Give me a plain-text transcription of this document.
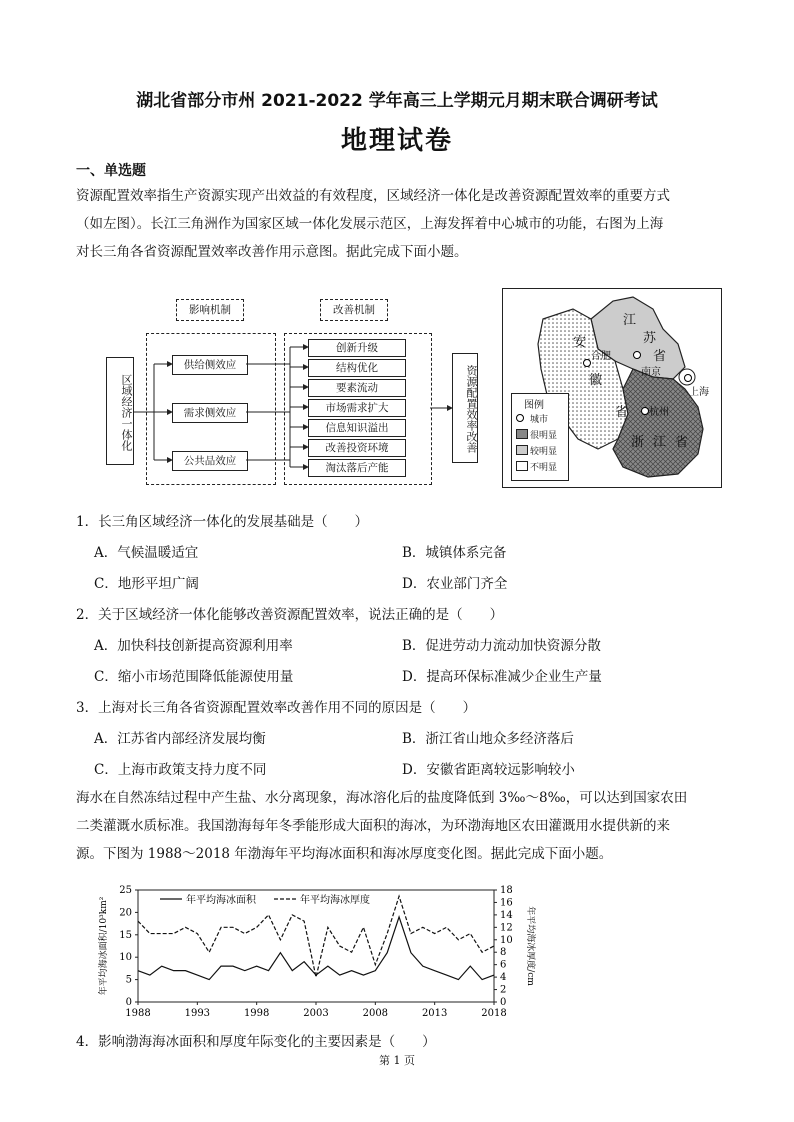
湖北省部分市州 2021-2022 学年高三上学期元月期末联合调研考试
地理试卷
一、单选题
资源配置效率指生产资源实现产出效益的有效程度，区域经济一体化是改善资源配置效率的重要方式
（如左图）。长江三角洲作为国家区域一体化发展示范区，上海发挥着中心城市的功能，右图为上海
对长三角各省资源配置效率改善作用示意图。据此完成下面小题。
影响机制	改善机制
区域经济一体化
供给侧效应
需求侧效应
公共品效应
创新升级
结构优化
要素流动
市场需求扩大
信息知识溢出
改善投资环境
淘汰落后产能
资源配置效率改善
江
苏
省
安
徽
省
浙 江 省
合肥
南京
上海
杭州
图例
城市
很明显
较明显
不明显
1．长三角区域经济一体化的发展基础是（　　）
A．气候温暖适宜	B．城镇体系完备
C．地形平坦广阔	D．农业部门齐全
2．关于区域经济一体化能够改善资源配置效率，说法正确的是（　　）
A．加快科技创新提高资源利用率	B．促进劳动力流动加快资源分散
C．缩小市场范围降低能源使用量	D．提高环保标准减少企业生产量
3．上海对长三角各省资源配置效率改善作用不同的原因是（　　）
A．江苏省内部经济发展均衡	B．浙江省山地众多经济落后
C．上海市政策支持力度不同	D．安徽省距离较远影响较小
海水在自然冻结过程中产生盐、水分离现象，海冰溶化后的盐度降低到 3‰～8‰，可以达到国家农田
二类灌溉水质标准。我国渤海每年冬季能形成大面积的海冰，为环渤海地区农田灌溉用水提供新的来
源。下图为 1988～2018 年渤海年平均海冰面积和海冰厚度变化图。据此完成下面小题。
1988	1993	1998	2003	2008	2013	2018
0
5
10
15
20
25
0
2
4
6
8
10
12
14
16
18
年平均海冰面积/10³km²	年平均海冰厚度/cm
年平均海冰面积	年平均海冰厚度
4．影响渤海海冰面积和厚度年际变化的主要因素是（　　）
第 1 页
